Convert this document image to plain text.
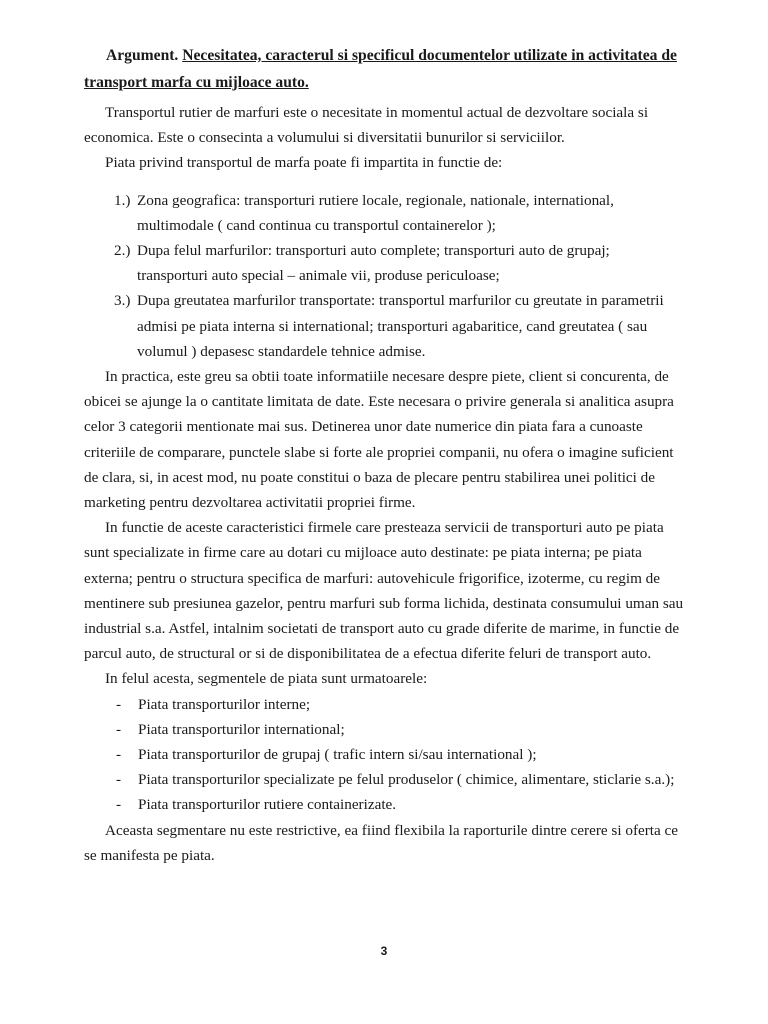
Argument. Necesitatea, caracterul si specificul documentelor utilizate in activitatea de transport marfa cu mijloace auto.

Transportul rutier de marfuri este o necesitate in momentul actual de dezvoltare sociala si economica. Este o consecinta a volumului si diversitatii bunurilor si serviciilor.

Piata privind transportul de marfa poate fi impartita in functie de:

1.) Zona geografica: transporturi rutiere locale, regionale, nationale, international, multimodale ( cand continua cu transportul containerelor );
2.) Dupa felul marfurilor: transporturi auto complete; transporturi auto de grupaj; transporturi auto special – animale vii, produse periculoase;
3.) Dupa greutatea marfurilor transportate: transportul marfurilor cu greutate in parametrii admisi pe piata interna si international; transporturi agabaritice, cand greutatea ( sau volumul ) depasesc standardele tehnice admise.

In practica, este greu sa obtii toate informatiile necesare despre piete, client si concurenta, de obicei se ajunge la o cantitate limitata de date. Este necesara o privire generala si analitica asupra celor 3 categorii mentionate mai sus. Detinerea unor date numerice din piata fara a cunoaste criteriile de comparare, punctele slabe si forte ale propriei companii, nu ofera o imagine suficient de clara, si, in acest mod, nu poate constitui o baza de plecare pentru stabilirea unei politici de marketing pentru dezvoltarea activitatii propriei firme.

In functie de aceste caracteristici firmele care presteaza servicii de transporturi auto pe piata sunt specializate in firme care au dotari cu mijloace auto destinate: pe piata interna; pe piata externa; pentru o structura specifica de marfuri: autovehicule frigorifice, izoterme, cu regim de mentinere sub presiunea gazelor, pentru marfuri sub forma lichida, destinata consumului uman sau industrial s.a. Astfel, intalnim societati de transport auto cu grade diferite de marime, in functie de parcul auto, de structural or si de disponibilitatea de a efectua diferite feluri de transport auto.

In felul acesta, segmentele de piata sunt urmatoarele:

- Piata transporturilor interne;
- Piata transporturilor international;
- Piata transporturilor de grupaj ( trafic intern si/sau international );
- Piata transporturilor specializate pe felul produselor ( chimice, alimentare, sticlarie s.a.);
- Piata transporturilor rutiere containerizate.

Aceasta segmentare nu este restrictive, ea fiind flexibila la raporturile dintre cerere si oferta ce se manifesta pe piata.

3
